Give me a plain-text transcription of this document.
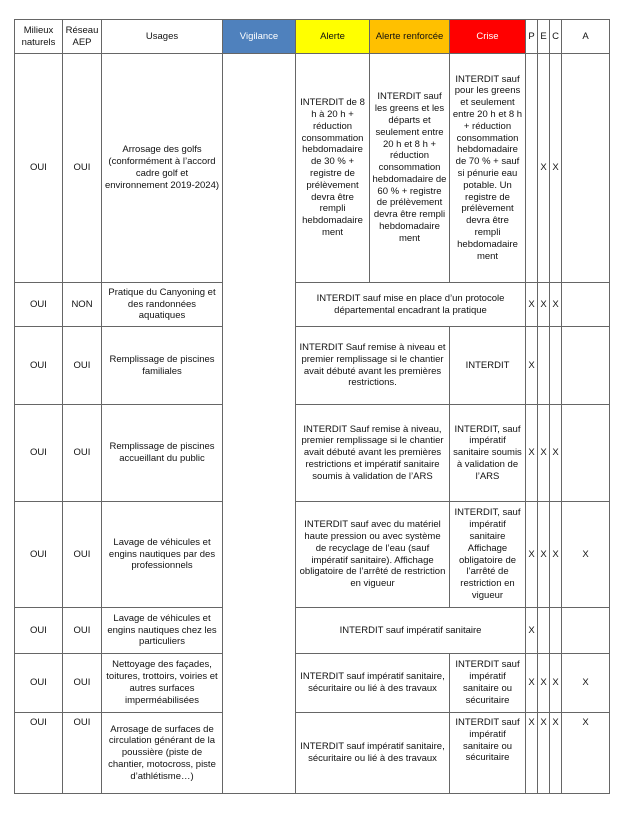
Milieux naturels	Réseau AEP	Usages	Vigilance	Alerte	Alerte renforcée	Crise	P	E	C	A
OUI	OUI	Arrosage des golfs (conformément à l’accord cadre golf et environnement 2019-2024)		INTERDIT de 8 h à 20 h + réduction consommation hebdomadaire de 30 % + registre de prélèvement devra être rempli hebdomadaire ment	INTERDIT sauf les greens et les départs et seulement entre 20 h et 8 h + réduction consommation hebdomadaire de 60 % + registre de prélèvement devra être rempli hebdomadaire ment	INTERDIT sauf pour les greens et seulement entre 20 h et 8 h + réduction consommation hebdomadaire de 70 % + sauf si pénurie eau potable. Un registre de prélèvement devra être rempli hebdomadaire ment		X	X	
OUI	NON	Pratique du Canyoning et des randonnées aquatiques		INTERDIT sauf mise en place d’un protocole départemental encadrant la pratique			X	X	X	
OUI	OUI	Remplissage de piscines familiales		INTERDIT Sauf remise à niveau et premier remplissage si le chantier avait débuté avant les premières restrictions.		INTERDIT	X			
OUI	OUI	Remplissage de piscines accueillant du public		INTERDIT Sauf remise à niveau, premier remplissage si le chantier avait débuté avant les premières restrictions et impératif sanitaire soumis à validation de l’ARS		INTERDIT, sauf impératif sanitaire soumis à validation de l’ARS	X	X	X	
OUI	OUI	Lavage de véhicules et engins nautiques par des professionnels		INTERDIT sauf avec du matériel haute pression ou avec système de recyclage de l’eau (sauf impératif sanitaire). Affichage obligatoire de l’arrêté de restriction en vigueur		INTERDIT, sauf impératif sanitaire Affichage obligatoire de l’arrêté de restriction en vigueur	X	X	X	X
OUI	OUI	Lavage de véhicules et engins nautiques chez les particuliers		INTERDIT sauf impératif sanitaire			X			
OUI	OUI	Nettoyage des façades, toitures, trottoirs, voiries et autres surfaces imperméabilisées		INTERDIT sauf impératif sanitaire, sécuritaire ou lié à des travaux		INTERDIT sauf impératif sanitaire ou sécuritaire	X	X	X	X
OUI	OUI	Arrosage de surfaces de circulation générant de la poussière (piste de chantier, motocross, piste d’athlétisme…)		INTERDIT sauf impératif sanitaire, sécuritaire ou lié à des travaux		INTERDIT sauf impératif sanitaire ou sécuritaire	X	X	X	X
